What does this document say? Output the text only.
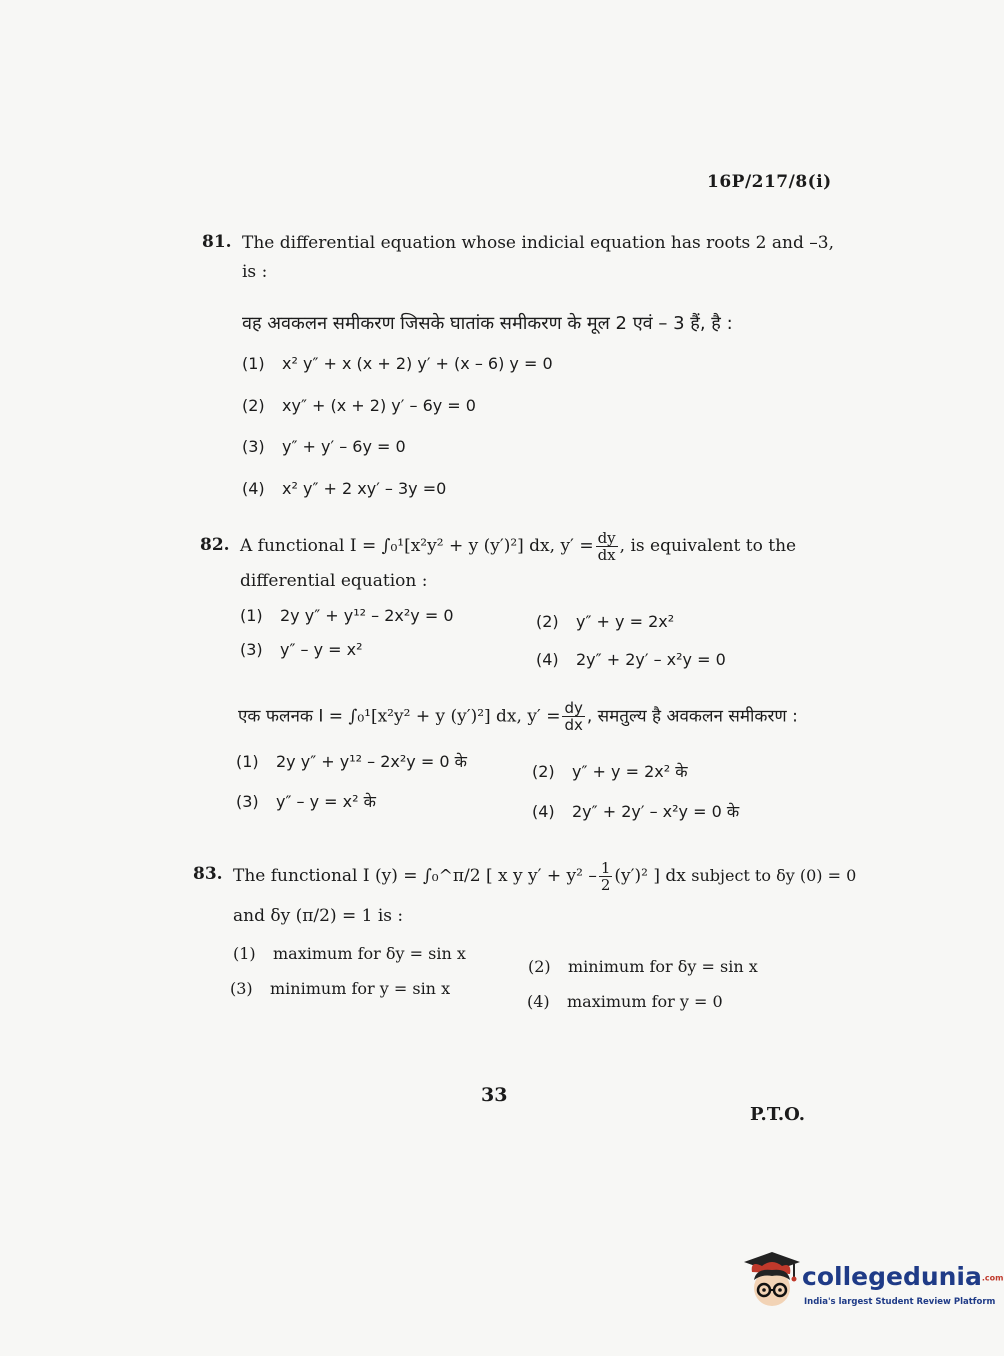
16P/217/8(i)
81. The differential equation whose indicial equation has roots 2 and –3,
is :
वह अवकलन समीकरण जिसके घातांक समीकरण के मूल 2 एवं – 3 हैं, है :
(1) x² y″ + x (x + 2) y′ + (x – 6) y = 0
(2) xy″ + (x + 2) y′ – 6y = 0
(3) y″ + y′ – 6y = 0
(4) x² y″ + 2 xy′ – 3y =0
82. A functional I = ∫₀¹[x²y² + y (y′)²] dx, $y' = \frac{dy}{dx}$ , is equivalent to the
differential equation :
(1) 2y y″ + y¹² – 2x²y = 0	(2) y″ + y = 2x²
(3) y″ – y = x²
(4) 2y″ + 2y′ – x²y = 0
एक फलनक I = ∫₀¹[x²y² + y (y′)²] dx, $y' = \frac{dy}{dx}$ , समतुल्य है अवकलन समीकरण :
(1) 2y y″ + y¹² – 2x²y = 0 के
(2) y″ + y = 2x² के
(3) y″ – y = x² के
(4) 2y″ + 2y′ – x²y = 0 के
83. The functional I (y) = ∫₀^π/2 [ x y $y' + y^2 - \frac{1}{2} (y')^2$ ] dx subject to δy (0) = 0
and δy (π/2) = 1 is :
(1) maximum for δy = sin x
(2) minimum for δy = sin x
(3) minimum for y = sin x
(4) maximum for y = 0
33
P.T.O.
collegedunia.com
India's largest Student Review Platform
